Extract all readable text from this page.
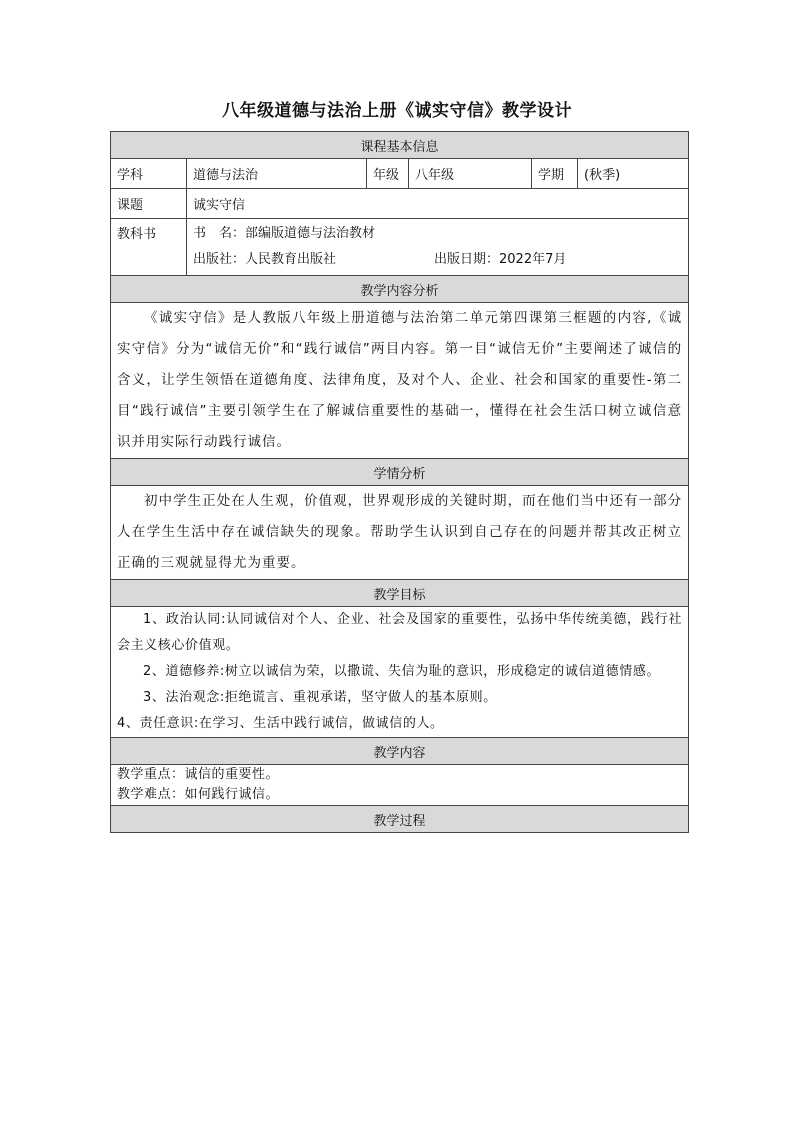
八年级道德与法治上册《诚实守信》教学设计
课程基本信息					
学科	道德与法治	年级	八年级	学期	(秋季)
课题	诚实守信				
教科书	书　名：部编版道德与法治教材
出版社：人民教育出版社 出版日期：2022年7月				

教学内容分析					

《诚实守信》是人教版八年级上册道德与法治第二单元第四课第三框题的内容,《诚实守信》分为“诚信无价”和“践行诚信”两目内容。第一目“诚信无价”主要阐述了诚信的含义，让学生领悟在道德角度、法律角度，及对个人、企业、社会和国家的重要性-第二目“践行诚信”主要引领学生在了解诚信重要性的基础一，懂得在社会生活口树立诚信意识并用实际行动践行诚信。					

学情分析					

初中学生正处在人生观，价值观，世界观形成的关键时期，而在他们当中还有一部分人在学生生活中存在诚信缺失的现象。帮助学生认识到自己存在的问题并帮其改正树立正确的三观就显得尤为重要。					

教学目标					

1、政治认同:认同诚信对个人、企业、社会及国家的重要性，弘扬中华传统美德，践行社会主义核心价值观。

2、道德修养:树立以诚信为荣，以撒谎、失信为耻的意识，形成稳定的诚信道德情感。

3、法治观念:拒绝谎言、重视承诺，坚守做人的基本原则。

4、责任意识:在学习、生活中践行诚信，做诚信的人。					

教学内容					

教学重点：诚信的重要性。
教学难点：如何践行诚信。					

教学过程					
